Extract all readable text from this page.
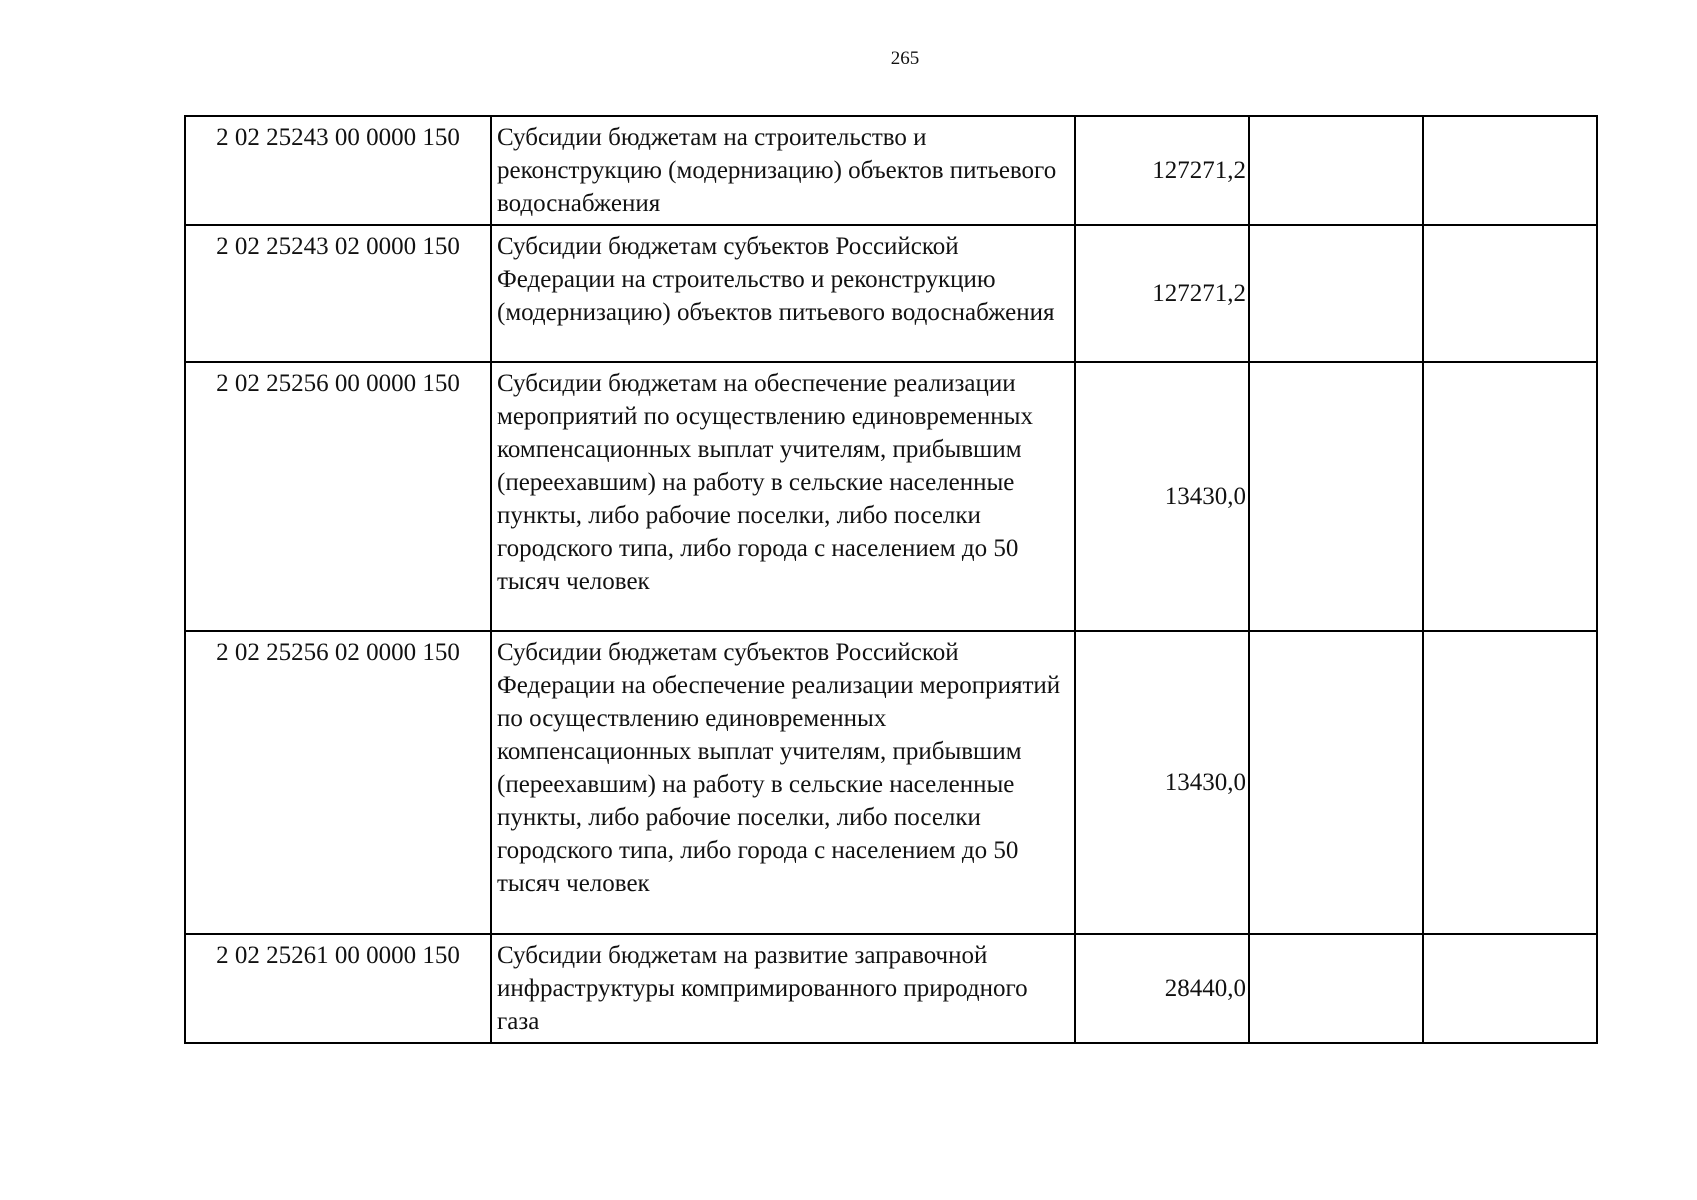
265
2 02 25243 00 0000 150	Субсидии бюджетам на строительство и реконструкцию (модернизацию) объектов питьевого водоснабжения	127271,2		
2 02 25243 02 0000 150	Субсидии бюджетам субъектов Российской Федерации на строительство и реконструкцию (модернизацию) объектов питьевого водоснабжения	127271,2		
2 02 25256 00 0000 150	Субсидии бюджетам на обеспечение реализации мероприятий по осуществлению единовременных компенсационных выплат учителям, прибывшим (переехавшим) на работу в сельские населенные пункты, либо рабочие поселки, либо поселки городского типа, либо города с населением до 50 тысяч человек	13430,0		
2 02 25256 02 0000 150	Субсидии бюджетам субъектов Российской Федерации на обеспечение реализации мероприятий по осуществлению единовременных компенсационных выплат учителям, прибывшим (переехавшим) на работу в сельские населенные пункты, либо рабочие поселки, либо поселки городского типа, либо города с населением до 50 тысяч человек	13430,0		
2 02 25261 00 0000 150	Субсидии бюджетам на развитие заправочной инфраструктуры компримированного природного газа	28440,0		
